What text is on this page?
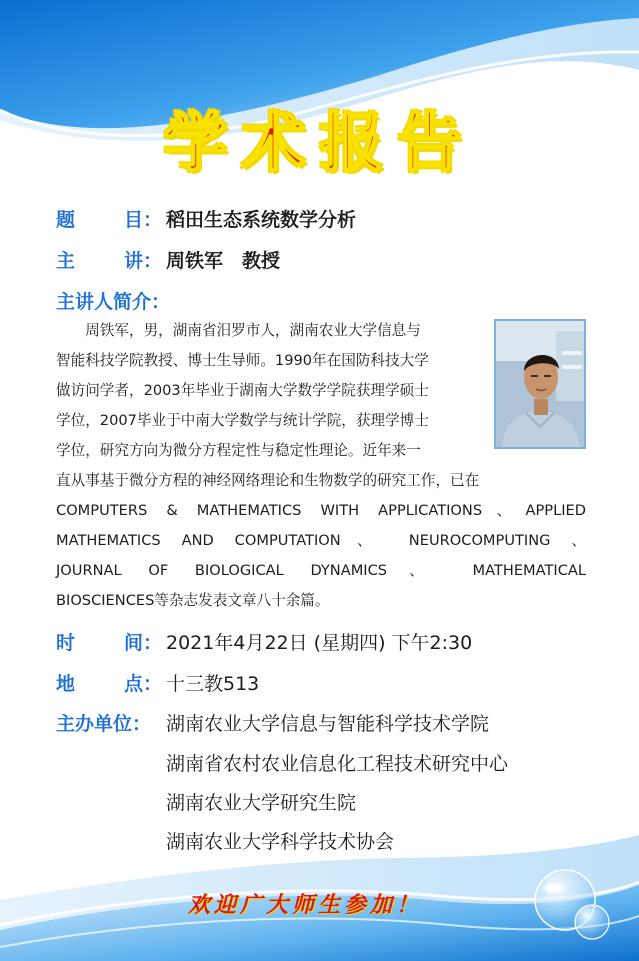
学术报告
题	目： 稻田生态系统数学分析
主	讲： 周铁军　教授
主讲人简介：
　　周铁军，男，湖南省汨罗市人，湖南农业大学信息与
智能科技学院教授、博士生导师。1990年在国防科技大学
做访问学者，2003年毕业于湖南大学数学学院获理学硕士
学位，2007毕业于中南大学数学与统计学院，获理学博士
学位，研究方向为微分方程定性与稳定性理论。近年来一
直从事基于微分方程的神经网络理论和生物数学的研究工作，已在
COMPUTERS & MATHEMATICS WITH APPLICATIONS、APPLIED
MATHEMATICS AND COMPUTATION、 NEUROCOMPUTING 、
JOURNAL OF BIOLOGICAL DYNAMICS、 MATHEMATICAL
BIOSCIENCES等杂志发表文章八十余篇。
时	间： 2021年4月22日 (星期四) 下午2:30
地	点： 十三教513
主办单位： 湖南农业大学信息与智能科学技术学院
湖南省农村农业信息化工程技术研究中心
湖南农业大学研究生院
湖南农业大学科学技术协会
欢迎广大师生参加！
